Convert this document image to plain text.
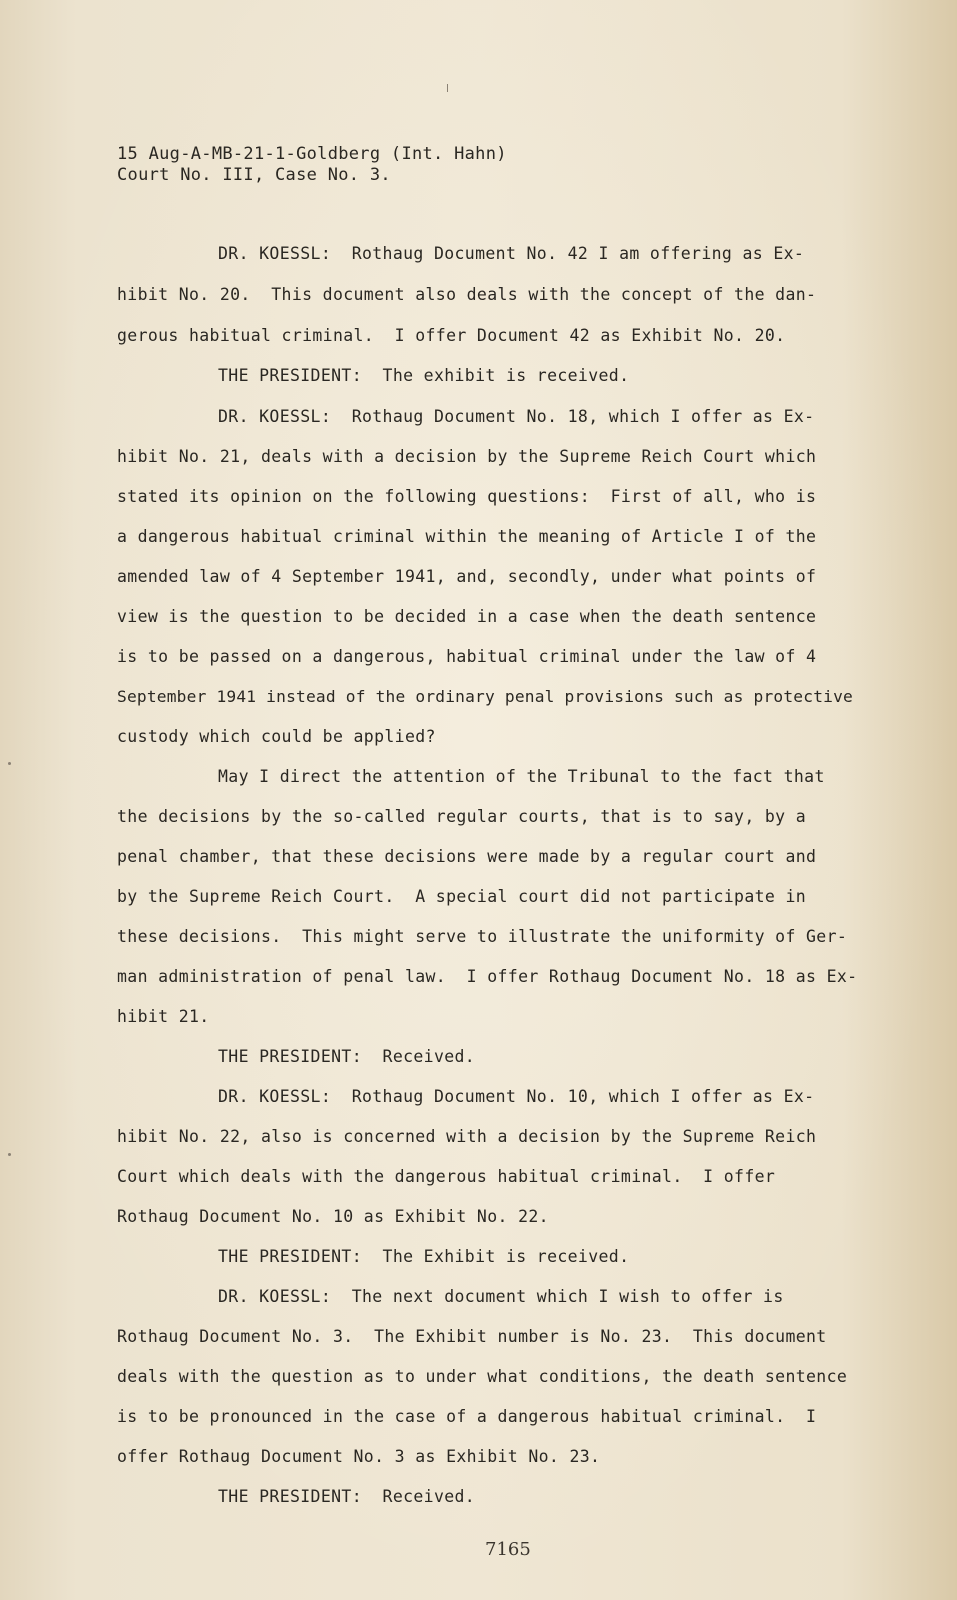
15 Aug-A-MB-21-1-Goldberg (Int. Hahn)
Court No. III, Case No. 3.
DR. KOESSL:  Rothaug Document No. 42 I am offering as Ex-
hibit No. 20.  This document also deals with the concept of the dan-
gerous habitual criminal.  I offer Document 42 as Exhibit No. 20.
THE PRESIDENT:  The exhibit is received.
DR. KOESSL:  Rothaug Document No. 18, which I offer as Ex-
hibit No. 21, deals with a decision by the Supreme Reich Court which
stated its opinion on the following questions:  First of all, who is
a dangerous habitual criminal within the meaning of Article I of the
amended law of 4 September 1941, and, secondly, under what points of
view is the question to be decided in a case when the death sentence
is to be passed on a dangerous, habitual criminal under the law of 4
September 1941 instead of the ordinary penal provisions such as protective
custody which could be applied?
May I direct the attention of the Tribunal to the fact that
the decisions by the so-called regular courts, that is to say, by a
penal chamber, that these decisions were made by a regular court and
by the Supreme Reich Court.  A special court did not participate in
these decisions.  This might serve to illustrate the uniformity of Ger-
man administration of penal law.  I offer Rothaug Document No. 18 as Ex-
hibit 21.
THE PRESIDENT:  Received.
DR. KOESSL:  Rothaug Document No. 10, which I offer as Ex-
hibit No. 22, also is concerned with a decision by the Supreme Reich
Court which deals with the dangerous habitual criminal.  I offer
Rothaug Document No. 10 as Exhibit No. 22.
THE PRESIDENT:  The Exhibit is received.
DR. KOESSL:  The next document which I wish to offer is
Rothaug Document No. 3.  The Exhibit number is No. 23.  This document
deals with the question as to under what conditions, the death sentence
is to be pronounced in the case of a dangerous habitual criminal.  I
offer Rothaug Document No. 3 as Exhibit No. 23.
THE PRESIDENT:  Received.
7165
